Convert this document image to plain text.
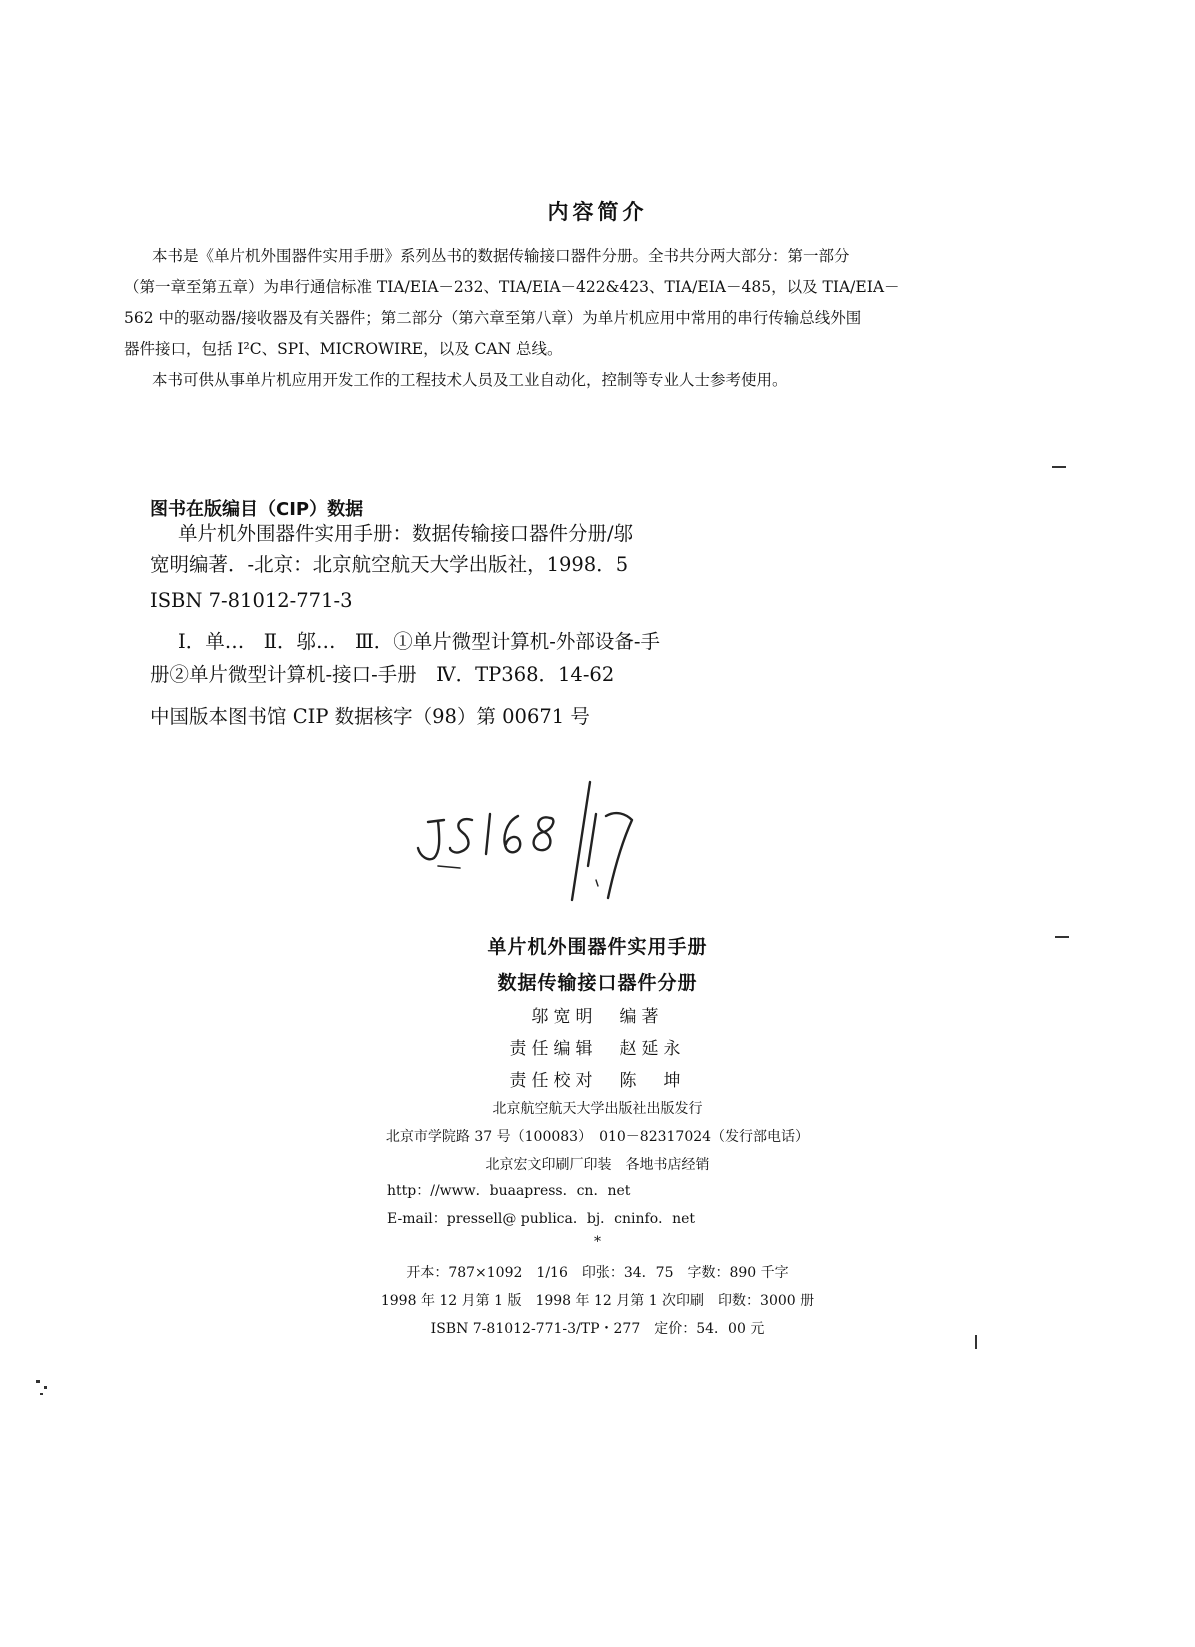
内容简介
本书是《单片机外围器件实用手册》系列丛书的数据传输接口器件分册。全书共分两大部分：第一部分
（第一章至第五章）为串行通信标准 TIA/EIA－232、TIA/EIA－422&423、TIA/EIA－485，以及 TIA/EIA－
562 中的驱动器/接收器及有关器件；第二部分（第六章至第八章）为单片机应用中常用的串行传输总线外围
器件接口，包括 I²C、SPI、MICROWIRE，以及 CAN 总线。
本书可供从事单片机应用开发工作的工程技术人员及工业自动化，控制等专业人士参考使用。
图书在版编目（CIP）数据
单片机外围器件实用手册：数据传输接口器件分册/邬
宽明编著．-北京：北京航空航天大学出版社，1998．5
ISBN 7-81012-771-3
Ⅰ．单…　Ⅱ．邬…　Ⅲ．①单片微型计算机-外部设备-手
册②单片微型计算机-接口-手册　Ⅳ．TP368．14-62
中国版本图书馆 CIP 数据核字（98）第 00671 号
单片机外围器件实用手册
数据传输接口器件分册
邬宽明　编著
责任编辑　赵延永
责任校对　陈　坤
北京航空航天大学出版社出版发行
北京市学院路 37 号（100083）　010－82317024（发行部电话）
北京宏文印刷厂印装　各地书店经销
http：//www．buaapress．cn．net
E-mail：pressell@ publica．bj．cninfo．net
*
开本：787×1092　1/16　印张：34．75　字数：890 千字
1998 年 12 月第 1 版　1998 年 12 月第 1 次印刷　印数：3000 册
ISBN 7-81012-771-3/TP・277　定价：54．00 元
